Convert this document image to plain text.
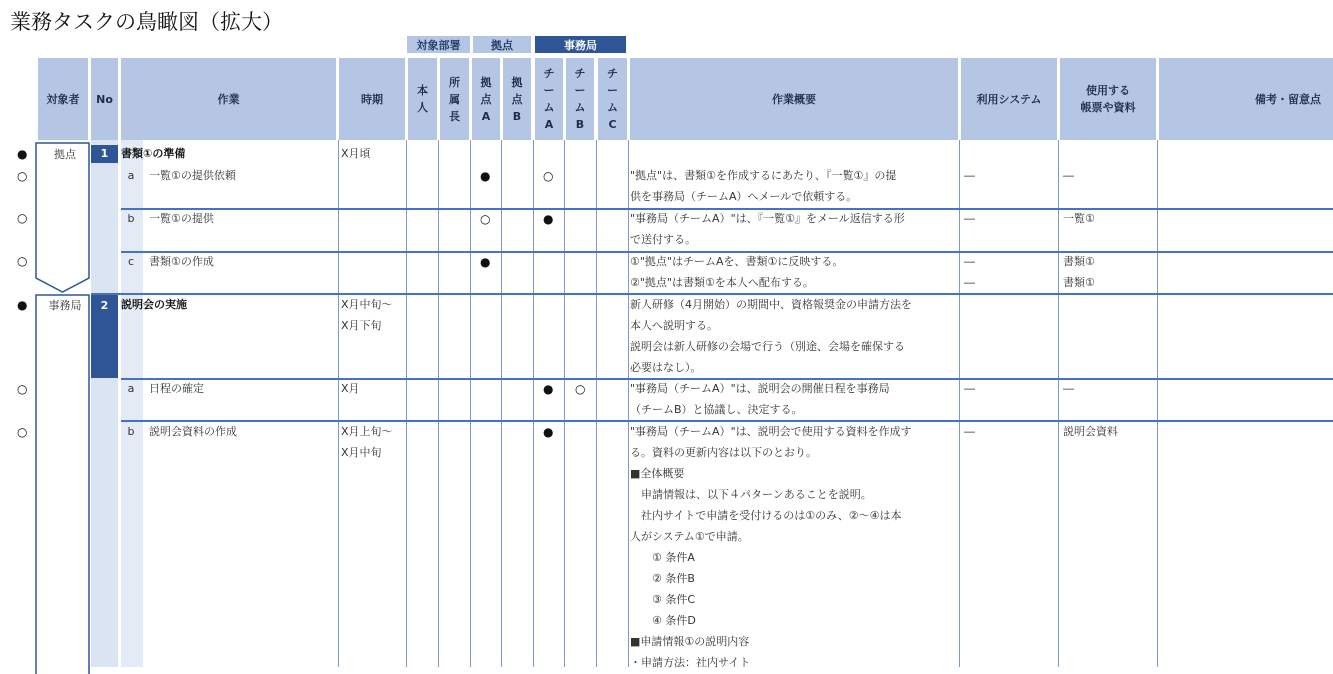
業務タスクの鳥瞰図（拡大）
対象部署	拠点	事務局
対象者	No	作業	時期
本
人
所
属
長
拠
点
A
拠
点
B
チ
ー
ム
A
チ
ー
ム
B
チ
ー
ム
C
作業概要	利用システム
使用する
帳票や資料
備考・留意点
拠点
事務局
●
○
○
○
●
○
○
1	書類①の準備	X月頃
a	一覧①の提供依頼	●	○	"拠点"は、書類①を作成するにあたり、『一覧①』の提
供を事務局（チームA）へメールで依頼する。
―	―
b	一覧①の提供	○	●	"事務局（チームA）"は、『一覧①』をメール返信する形
で送付する。
―	一覧①
c	書類①の作成	●	①"拠点"はチームAを、書類①に反映する。
②"拠点"は書類①を本人へ配布する。
―
―
書類①
書類①
2	説明会の実施	X月中旬～
X月下旬
新人研修（4月開始）の期間中、資格報奨金の申請方法を
本人へ説明する。
説明会は新人研修の会場で行う（別途、会場を確保する
必要はなし）。
a	日程の確定	X月	● ○	"事務局（チームA）"は、説明会の開催日程を事務局
（チームB）と協議し、決定する。
―	―
b	説明会資料の作成	X月上旬～
X月中旬
●	"事務局（チームA）"は、説明会で使用する資料を作成す
る。資料の更新内容は以下のとおり。
■全体概要
　申請情報は、以下４パターンあることを説明。
　社内サイトで申請を受付けるのは①のみ、②～④は本
人がシステム①で申請。
　　① 条件A
　　② 条件B
　　③ 条件C
　　④ 条件D
■申請情報①の説明内容
・申請方法：社内サイト
―	説明会資料
